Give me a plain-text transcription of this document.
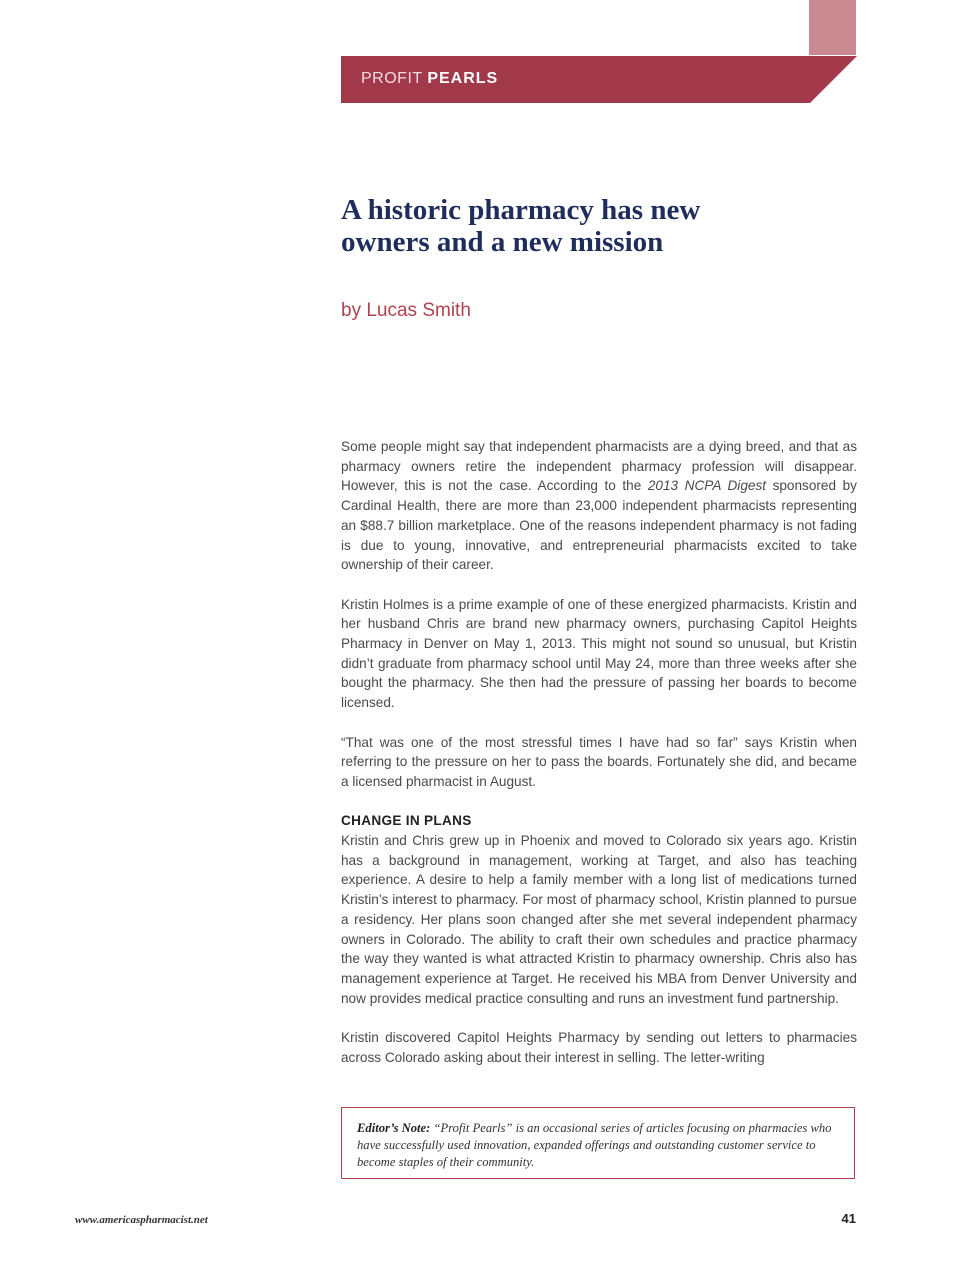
PROFIT PEARLS
A historic pharmacy has new
owners and a new mission

by Lucas Smith

Some people might say that independent pharmacists are a dying breed, and that as pharmacy owners retire the independent pharmacy profession will disappear. However, this is not the case. According to the 2013 NCPA Digest sponsored by Cardinal Health, there are more than 23,000 independent pharmacists representing an $88.7 billion marketplace. One of the reasons independent pharmacy is not fading is due to young, innovative, and entrepreneurial pharmacists excited to take ownership of their career.

Kristin Holmes is a prime example of one of these energized pharmacists. Kristin and her husband Chris are brand new pharmacy owners, purchasing Capitol Heights Pharmacy in Denver on May 1, 2013. This might not sound so unusual, but Kristin didn’t graduate from pharmacy school until May 24, more than three weeks after she bought the pharmacy. She then had the pressure of passing her boards to become licensed.

“That was one of the most stressful times I have had so far” says Kristin when referring to the pressure on her to pass the boards. Fortunately she did, and became a licensed pharmacist in August.

CHANGE IN PLANS

Kristin and Chris grew up in Phoenix and moved to Colorado six years ago. Kristin has a background in management, working at Target, and also has teaching experience. A desire to help a family member with a long list of medications turned Kristin’s interest to pharmacy. For most of pharmacy school, Kristin planned to pursue a residency. Her plans soon changed after she met several independent pharmacy owners in Colorado. The ability to craft their own schedules and practice pharmacy the way they wanted is what attracted Kristin to pharmacy ownership. Chris also has management experience at Target. He received his MBA from Denver University and now provides medical practice consulting and runs an investment fund partnership.

Kristin discovered Capitol Heights Pharmacy by sending out letters to pharmacies across Colorado asking about their interest in selling. The letter-writing

Editor’s Note: “Profit Pearls” is an occasional series of articles focusing on pharmacies who have successfully used innovation, expanded offerings and outstanding customer service to become staples of their community.
www.americaspharmacist.net	41
